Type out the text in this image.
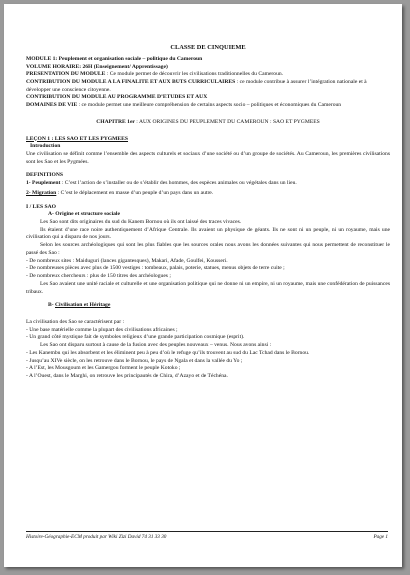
CLASSE DE CINQUIEME

MODULE 1: Peuplement et organisation sociale – politique du Cameroun

VOLUME HORAIRE: 26H (Enseignement/ Apprentissage)

PRESENTATION DU MODULE : Ce module permet de découvrir les civilisations traditionnelles du Cameroun.

CONTRIBUTION DU MODULE A LA FINALITE ET AUX BUTS CURRICULAIRES : ce module contribue à assurer l’intégration nationale et à développer une conscience citoyenne.

CONTRIBUTION DU MODULE AU PROGRAMME D’ETUDES ET AUX

DOMAINES DE VIE : ce module permet une meilleure compréhension de certains aspects socio – politiques et économiques du Cameroun

CHAPITRE 1er : AUX ORIGINES DU PEUPLEMENT DU CAMEROUN : SAO ET PYGMEES

LEÇON 1 : LES SAO ET LES PYGMEES

Introduction

Une civilisation se définit comme l’ensemble des aspects culturels et sociaux d’une société ou d’un groupe de sociétés. Au Cameroun, les premières civilisations sont les Sao et les Pygmées.

DEFINITIONS

1- Peuplement : C’est l’action de s’installer ou de s’établir des hommes, des espèces animales ou végétales dans un lieu.

2- Migration : C’est le déplacement en masse d’un peuple d’un pays dans un autre.

I / LES SAO

A- Origine et structure sociale

Les Sao sont dits originaires du sud du Kanem Bornou où ils ont laissé des traces vivaces.

Ils étaient d’une race noire authentiquement d’Afrique Centrale. Ils avaient un physique de géants. Ils ne sont ni un peuple, ni un royaume, mais une civilisation qui a disparu de nos jours.

Selon les sources archéologiques qui sont les plus fiables que les sources orales nous avons les données suivantes qui nous permettent de reconstituer le passé des Sao :

- De nombreux sites : Maiduguri (lances gigantesques), Makari, Afade, Goulfei, Kousseri.

- De nombreuses pièces avec plus de 1500 vestiges : tombeaux, palais, poterie, statues, menus objets de terre cuite ;

- De nombreux chercheurs : plus de 150 titres des archéologues ;

Les Sao avaient une unité raciale et culturelle et une organisation politique qui ne donne ni un empire, ni un royaume, mais une confédération de puissances tribaux.

B- Civilisation et Héritage

La civilisation des Sao se caractérisent par :

- Une base matérielle comme la plupart des civilisations africaines ;

- Un grand côté mystique fait de symboles religieux d’une grande participation cosmique (esprit).

Les Sao ont disparu surtout à cause de la fusion avec des peuples nouveaux – venus. Nous avons ainsi :

- Les Kanembu qui les absorbent et les éliminent peu à peu d’où le refuge qu’ils trouvent au sud du Lac Tchad dans le Bornou.

- Jusqu’au XIVe siècle, on les retrouve dans le Bornou, le pays de Ngala et dans la vallée du Yo ;

- A l’Est, les Mousgoum et les Gamergou forment le peuple Kotoko ;

- A l’Ouest, dans le Marghi, on retrouve les principautés de Chira, d’Azayo et de Téchéna.

Histoire-Géographie-ECM produit par Wiki Zizi David 74 31 33 30	Page 1
